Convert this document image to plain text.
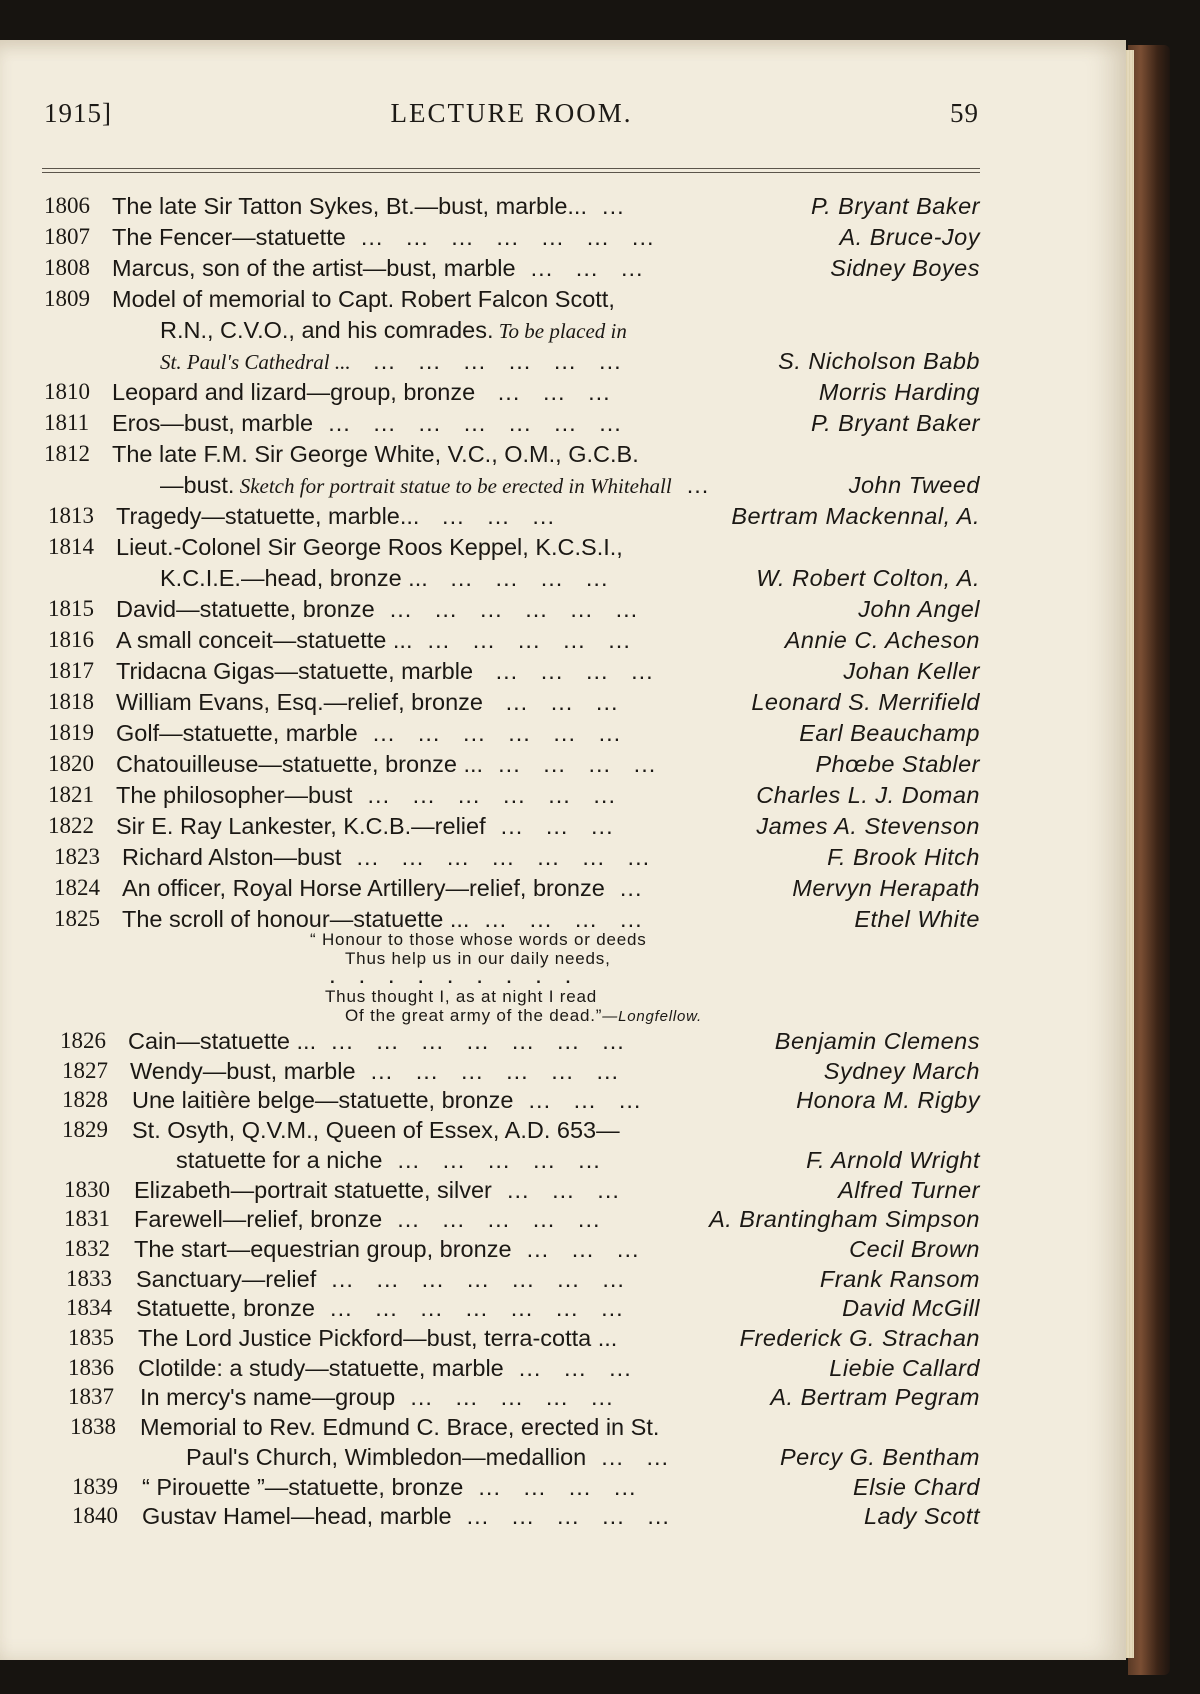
1915]	LECTURE ROOM.	59
1806 The late Sir Tatton Sykes, Bt.—bust, marble...  ...	P. Bryant Baker
1807 The Fencer—statuette  ...   ...   ...   ...   ...   ...   ...	A. Bruce-Joy
1808 Marcus, son of the artist—bust, marble  ...   ...   ...	Sidney Boyes
1809 Model of memorial to Capt. Robert Falcon Scott,
R.N., C.V.O., and his comrades. To be placed in
St. Paul's Cathedral ...   ...   ...   ...   ...   ...   ...	S. Nicholson Babb
1810 Leopard and lizard—group, bronze   ...   ...   ...	Morris Harding
1811 Eros—bust, marble  ...   ...   ...   ...   ...   ...   ...	P. Bryant Baker
1812 The late F.M. Sir George White, V.C., O.M., G.C.B.
—bust. Sketch for portrait statue to be erected in Whitehall  ...	John Tweed
1813 Tragedy—statuette, marble...   ...   ...   ...	Bertram Mackennal, A.
1814 Lieut.-Colonel Sir George Roos Keppel, K.C.S.I.,
K.C.I.E.—head, bronze ...   ...   ...   ...   ...	W. Robert Colton, A.
1815 David—statuette, bronze  ...   ...   ...   ...   ...   ...	John Angel
1816 A small conceit—statuette ...  ...   ...   ...   ...   ...	Annie C. Acheson
1817 Tridacna Gigas—statuette, marble   ...   ...   ...   ...	Johan Keller
1818 William Evans, Esq.—relief, bronze   ...   ...   ...	Leonard S. Merrifield
1819 Golf—statuette, marble  ...   ...   ...   ...   ...   ...	Earl Beauchamp
1820 Chatouilleuse—statuette, bronze ...  ...   ...   ...   ...	Phœbe Stabler
1821 The philosopher—bust  ...   ...   ...   ...   ...   ...	Charles L. J. Doman
1822 Sir E. Ray Lankester, K.C.B.—relief  ...   ...   ...	James A. Stevenson
1823 Richard Alston—bust  ...   ...   ...   ...   ...   ...   ...	F. Brook Hitch
1824 An officer, Royal Horse Artillery—relief, bronze  ...	Mervyn Herapath
1825 The scroll of honour—statuette ...  ...   ...   ...   ...	Ethel White
“ Honour to those whose words or deeds
Thus help us in our daily needs,
. . . . . . . . .
Thus thought I, as at night I read
Of the great army of the dead.”—Longfellow.
1826 Cain—statuette ...  ...   ...   ...   ...   ...   ...   ...	Benjamin Clemens
1827 Wendy—bust, marble  ...   ...   ...   ...   ...   ...	Sydney March
1828 Une laitière belge—statuette, bronze  ...   ...   ...	Honora M. Rigby
1829 St. Osyth, Q.V.M., Queen of Essex, A.D. 653—
statuette for a niche  ...   ...   ...   ...   ...	F. Arnold Wright
1830 Elizabeth—portrait statuette, silver  ...   ...   ...	Alfred Turner
1831 Farewell—relief, bronze  ...   ...   ...   ...   ...	A. Brantingham Simpson
1832 The start—equestrian group, bronze  ...   ...   ...	Cecil Brown
1833 Sanctuary—relief  ...   ...   ...   ...   ...   ...   ...	Frank Ransom
1834 Statuette, bronze  ...   ...   ...   ...   ...   ...   ...	David McGill
1835 The Lord Justice Pickford—bust, terra-cotta ...	Frederick G. Strachan
1836 Clotilde: a study—statuette, marble  ...   ...   ...	Liebie Callard
1837 In mercy's name—group  ...   ...   ...   ...   ...	A. Bertram Pegram
1838 Memorial to Rev. Edmund C. Brace, erected in St.
Paul's Church, Wimbledon—medallion  ...   ...	Percy G. Bentham
1839 “ Pirouette ”—statuette, bronze  ...   ...   ...   ...	Elsie Chard
1840 Gustav Hamel—head, marble  ...   ...   ...   ...   ...	Lady Scott
